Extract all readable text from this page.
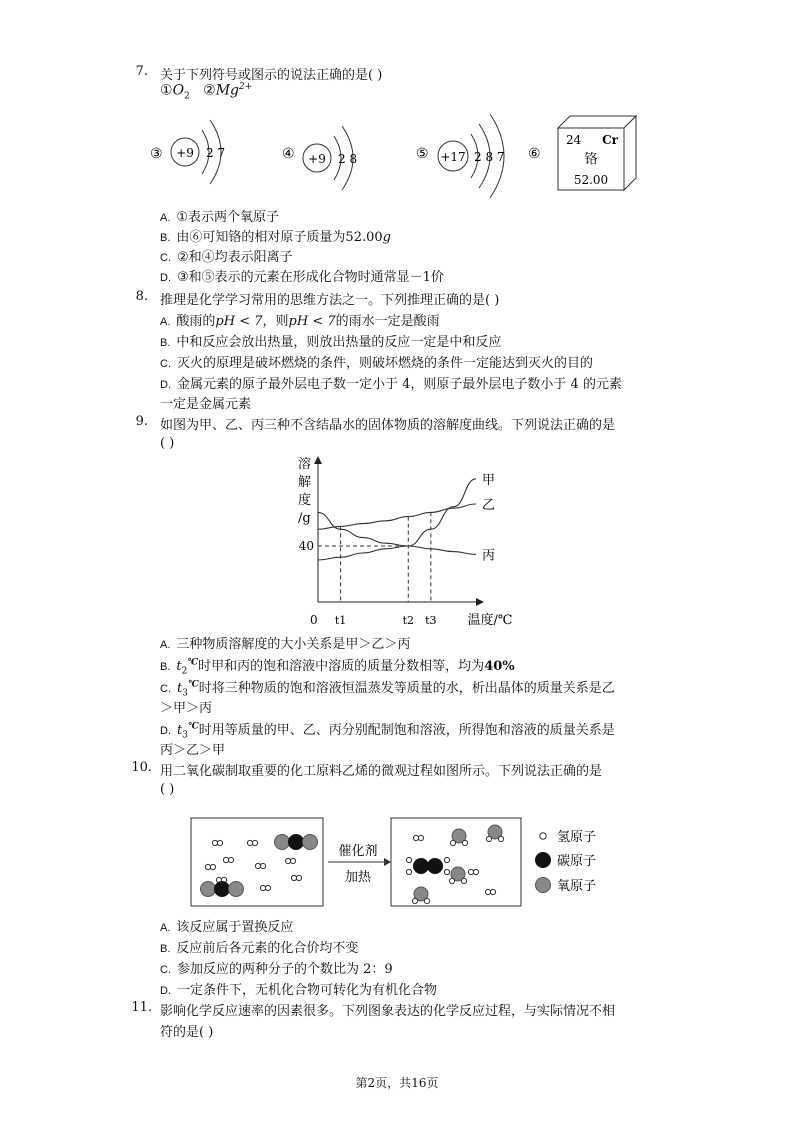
7. 关于下列符号或图示的说法正确的是( )
$①O_2$ $②Mg^{2+}$
③ +9 2 7	④ +9 2 8	⑤ +17 2 8 7 ⑥
24 Cr
铬
52.00
A. ①表示两个氧原子
B. 由⑥可知铬的相对原子质量为52.00g
C. ②和④均表示阳离子
D. ③和⑤表示的元素在形成化合物时通常显－1价
8. 推理是化学学习常用的思维方法之一。下列推理正确的是( )
A. 酸雨的pH < 7，则pH < 7的雨水一定是酸雨
B. 中和反应会放出热量，则放出热量的反应一定是中和反应
C. 灭火的原理是破坏燃烧的条件，则破坏燃烧的条件一定能达到灭火的目的
D. 金属元素的原子最外层电子数一定小于 4，则原子最外层电子数小于 4 的元素
一定是金属元素
9. 如图为甲、乙、丙三种不含结晶水的固体物质的溶解度曲线。下列说法正确的是
( )
溶
解
度
/g
0	温度/℃
甲
乙
丙
40
t1	t2 t3
A. 三种物质溶解度的大小关系是甲＞乙＞丙
B. $t_2^℃$时甲和丙的饱和溶液中溶质的质量分数相等，均为40%
C. $t_3^℃$时将三种物质的饱和溶液恒温蒸发等质量的水，析出晶体的质量关系是乙
＞甲＞丙
D. $t_3^℃$时用等质量的甲、乙、丙分别配制饱和溶液，所得饱和溶液的质量关系是
丙＞乙＞甲
10. 用二氧化碳制取重要的化工原料乙烯的微观过程如图所示。下列说法正确的是
( )
催化剂
加热
氢原子
碳原子
氧原子
A. 该反应属于置换反应
B. 反应前后各元素的化合价均不变
C. 参加反应的两种分子的个数比为 2：9
D. 一定条件下，无机化合物可转化为有机化合物
11. 影响化学反应速率的因素很多。下列图象表达的化学反应过程，与实际情况不相
符的是( )
第2页，共16页
